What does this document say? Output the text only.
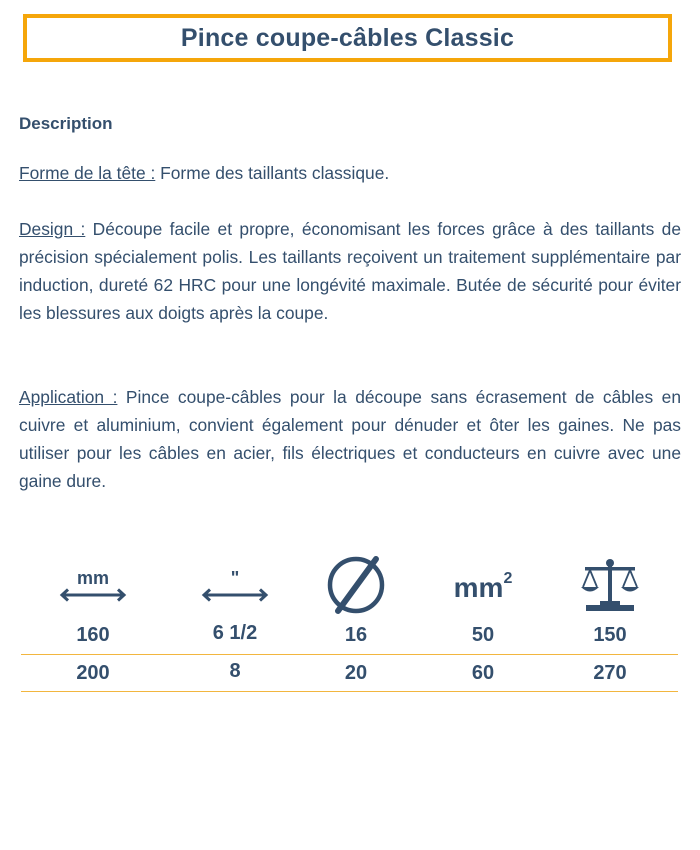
Pince coupe-câbles Classic
Description

Forme de la tête : Forme des taillants classique.

Design : Découpe facile et propre, économisant les forces grâce à des taillants de précision spécialement polis. Les taillants reçoivent un traitement supplémentaire par induction, dureté 62 HRC pour une longévité maximale. Butée de sécurité pour éviter les blessures aux doigts après la coupe.

Application : Pince coupe-câbles pour la découpe sans écrasement de câbles en cuivre et aluminium, convient également pour dénuder et ôter les gaines. Ne pas utiliser pour les câbles en acier, fils électriques et conducteurs en cuivre avec une gaine dure.

mm	"	$mm^2$
160	6 1/2	16	50	150
200	8	20	60	270
